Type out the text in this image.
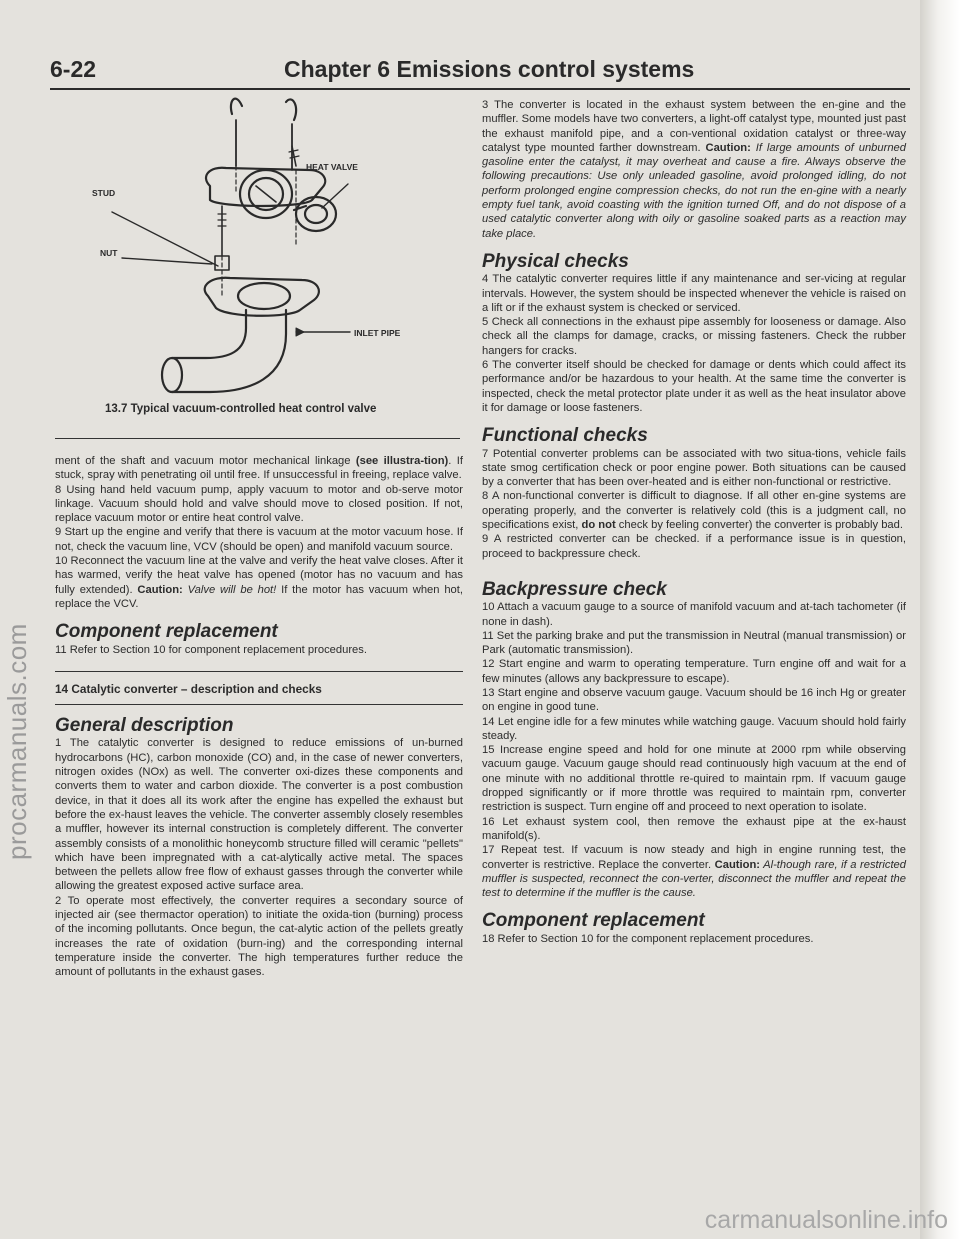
6-22	Chapter 6 Emissions control systems
HEAT VALVE
STUD
NUT
INLET PIPE
13.7 Typical vacuum-controlled heat control valve

ment of the shaft and vacuum motor mechanical linkage (see illustra-tion). If stuck, spray with penetrating oil until free. If unsuccessful in freeing, replace valve.

8 Using hand held vacuum pump, apply vacuum to motor and ob-serve motor linkage. Vacuum should hold and valve should move to closed position. If not, replace vacuum motor or entire heat control valve.

9 Start up the engine and verify that there is vacuum at the motor vacuum hose. If not, check the vacuum line, VCV (should be open) and manifold vacuum source.

10 Reconnect the vacuum line at the valve and verify the heat valve closes. After it has warmed, verify the heat valve has opened (motor has no vacuum and has fully extended). Caution: Valve will be hot! If the motor has vacuum when hot, replace the VCV.

Component replacement

11 Refer to Section 10 for component replacement procedures.

14 Catalytic converter – description and checks
General description

1 The catalytic converter is designed to reduce emissions of un-burned hydrocarbons (HC), carbon monoxide (CO) and, in the case of newer converters, nitrogen oxides (NOx) as well. The converter oxi-dizes these components and converts them to water and carbon dioxide. The converter is a post combustion device, in that it does all its work after the engine has expelled the exhaust but before the ex-haust leaves the vehicle. The converter assembly closely resembles a muffler, however its internal construction is completely different. The converter assembly consists of a monolithic honeycomb structure filled will ceramic "pellets" which have been impregnated with a cat-alytically active metal. The spaces between the pellets allow free flow of exhaust gasses through the converter while allowing the greatest exposed active surface area.

2 To operate most effectively, the converter requires a secondary source of injected air (see thermactor operation) to initiate the oxida-tion (burning) process of the incoming pollutants. Once begun, the cat-alytic action of the pellets greatly increases the rate of oxidation (burn-ing) and the corresponding internal temperature inside the converter. The high temperatures further reduce the amount of pollutants in the exhaust gases.

3 The converter is located in the exhaust system between the en-gine and the muffler. Some models have two converters, a light-off catalyst type, mounted just past the exhaust manifold pipe, and a con-ventional oxidation catalyst or three-way catalyst type mounted farther downstream. Caution: If large amounts of unburned gasoline enter the catalyst, it may overheat and cause a fire. Always observe the following precautions: Use only unleaded gasoline, avoid prolonged idling, do not perform prolonged engine compression checks, do not run the en-gine with a nearly empty fuel tank, avoid coasting with the ignition turned Off, and do not dispose of a used catalytic converter along with oily or gasoline soaked parts as a reaction may take place.

Physical checks

4 The catalytic converter requires little if any maintenance and ser-vicing at regular intervals. However, the system should be inspected whenever the vehicle is raised on a lift or if the exhaust system is checked or serviced.

5 Check all connections in the exhaust pipe assembly for looseness or damage. Also check all the clamps for damage, cracks, or missing fasteners. Check the rubber hangers for cracks.

6 The converter itself should be checked for damage or dents which could affect its performance and/or be hazardous to your health. At the same time the converter is inspected, check the metal protector plate under it as well as the heat insulator above it for damage or loose fasteners.

Functional checks

7 Potential converter problems can be associated with two situa-tions, vehicle fails state smog certification check or poor engine power. Both situations can be caused by a converter that has been over-heated and is either non-functional or restrictive.

8 A non-functional converter is difficult to diagnose. If all other en-gine systems are operating properly, and the converter is relatively cold (this is a judgment call, no specifications exist, do not check by feeling converter) the converter is probably bad.

9 A restricted converter can be checked. if a performance issue is in question, proceed to backpressure check.

Backpressure check

10 Attach a vacuum gauge to a source of manifold vacuum and at-tach tachometer (if none in dash).

11 Set the parking brake and put the transmission in Neutral (manual transmission) or Park (automatic transmission).

12 Start engine and warm to operating temperature. Turn engine off and wait for a few minutes (allows any backpressure to escape).

13 Start engine and observe vacuum gauge. Vacuum should be 16 inch Hg or greater on engine in good tune.

14 Let engine idle for a few minutes while watching gauge. Vacuum should hold fairly steady.

15 Increase engine speed and hold for one minute at 2000 rpm while observing vacuum gauge. Vacuum gauge should read continuously high vacuum at the end of one minute with no additional throttle re-quired to maintain rpm. If vacuum gauge dropped significantly or if more throttle was required to maintain rpm, converter restriction is suspect. Turn engine off and proceed to next operation to isolate.

16 Let exhaust system cool, then remove the exhaust pipe at the ex-haust manifold(s).

17 Repeat test. If vacuum is now steady and high in engine running test, the converter is restrictive. Replace the converter. Caution: Al-though rare, if a restricted muffler is suspected, reconnect the con-verter, disconnect the muffler and repeat the test to determine if the muffler is the cause.

Component replacement

18 Refer to Section 10 for the component replacement procedures.

procarmanuals.com
carmanualsonline.info
